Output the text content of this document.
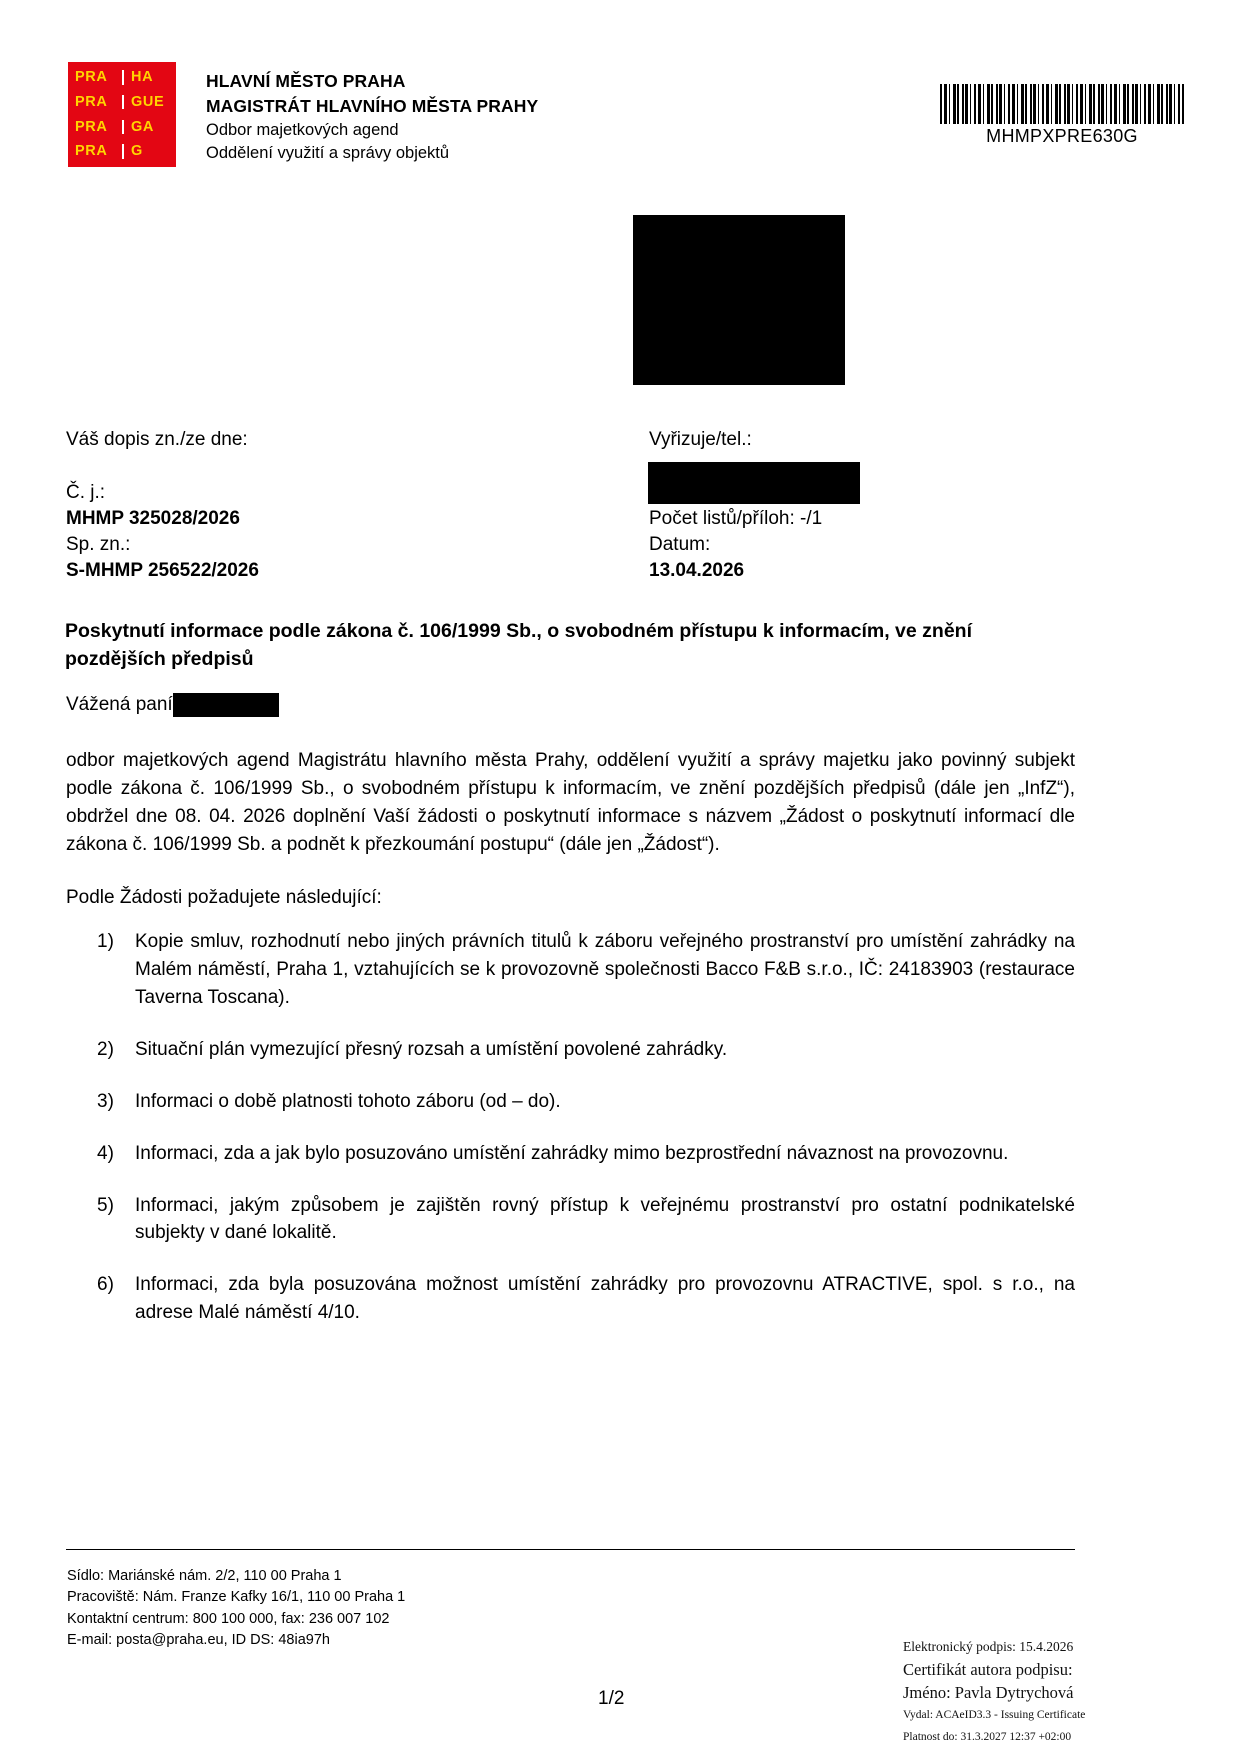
PRA	HA
PRA	GUE
PRA	GA
PRA	G
HLAVNÍ MĚSTO PRAHA
MAGISTRÁT HLAVNÍHO MĚSTA PRAHY
Odbor majetkových agend
Oddělení využití a správy objektů
MHMPXPRE630G
Váš dopis zn./ze dne:
Č. j.:
MHMP 325028/2026
Sp. zn.:
S-MHMP 256522/2026
Vyřizuje/tel.:
Počet listů/příloh: -/1
Datum:
13.04.2026
Poskytnutí informace podle zákona č. 106/1999 Sb., o svobodném přístupu k informacím, ve znění pozdějších předpisů
Vážená paní

odbor majetkových agend Magistrátu hlavního města Prahy, oddělení využití a správy majetku jako povinný subjekt podle zákona č. 106/1999 Sb., o svobodném přístupu k informacím, ve znění pozdějších předpisů (dále jen „InfZ“), obdržel dne 08. 04. 2026 doplnění Vaší žádosti o poskytnutí informace s názvem „Žádost o poskytnutí informací dle zákona č. 106/1999 Sb. a podnět k přezkoumání postupu“ (dále jen „Žádost“).

Podle Žádosti požadujete následující:

1)	Kopie smluv, rozhodnutí nebo jiných právních titulů k záboru veřejného prostranství pro umístění zahrádky na Malém náměstí, Praha 1, vztahujících se k provozovně společnosti Bacco F&B s.r.o., IČ: 24183903 (restaurace Taverna Toscana).
2)	Situační plán vymezující přesný rozsah a umístění povolené zahrádky.
3)	Informaci o době platnosti tohoto záboru (od – do).
4)	Informaci, zda a jak bylo posuzováno umístění zahrádky mimo bezprostřední návaznost na provozovnu.
5)	Informaci, jakým způsobem je zajištěn rovný přístup k veřejnému prostranství pro ostatní podnikatelské subjekty v dané lokalitě.
6)	Informaci, zda byla posuzována možnost umístění zahrádky pro provozovnu ATRACTIVE, spol. s r.o., na adrese Malé náměstí 4/10.
Sídlo: Mariánské nám. 2/2, 110 00 Praha 1
Pracoviště: Nám. Franze Kafky 16/1, 110 00 Praha 1
Kontaktní centrum: 800 100 000, fax: 236 007 102
E-mail: posta@praha.eu, ID DS: 48ia97h	Elektronický podpis: 15.4.2026
Certifikát autora podpisu:
Jméno: Pavla Dytrychová
Vydal: ACAeID3.3 - Issuing Certificate
Platnost do: 31.3.2027 12:37 +02:00
1/2
